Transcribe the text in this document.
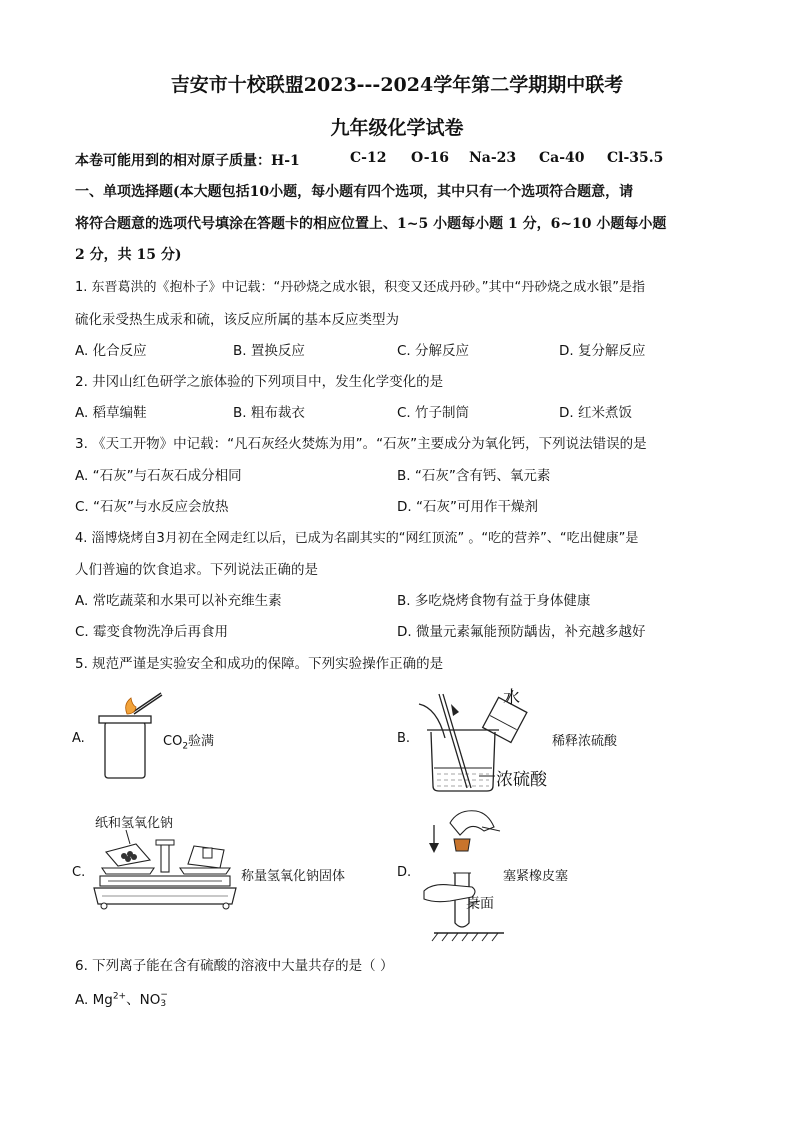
吉安市十校联盟2023---2024学年第二学期期中联考
九年级化学试卷
本卷可能用到的相对原子质量：H-1	C-12 O-16 Na-23 Ca-40 Cl-35.5
一、单项选择题(本大题包括10小题，每小题有四个选项，其中只有一个选项符合题意，请
将符合题意的选项代号填涂在答题卡的相应位置上、1~5 小题每小题 1 分，6~10 小题每小题
2 分，共 15 分)
1. 东晋葛洪的《抱朴子》中记载：“丹砂烧之成水银，积变又还成丹砂。”其中“丹砂烧之成水银”是指
硫化汞受热生成汞和硫，该反应所属的基本反应类型为
A. 化合反应	B. 置换反应	C. 分解反应	D. 复分解反应
2. 井冈山红色研学之旅体验的下列项目中，发生化学变化的是
A. 稻草编鞋	B. 粗布裁衣	C. 竹子制筒	D. 红米煮饭
3. 《天工开物》中记载：“凡石灰经火焚炼为用”。“石灰”主要成分为氧化钙，下列说法错误的是
A. “石灰”与石灰石成分相同	B. “石灰”含有钙、氧元素
C. “石灰”与水反应会放热	D. “石灰”可用作干燥剂
4. 淄博烧烤自3月初在全网走红以后，已成为名副其实的“网红顶流” 。“吃的营养”、“吃出健康”是
人们普遍的饮食追求。下列说法正确的是
A. 常吃蔬菜和水果可以补充维生素	B. 多吃烧烤食物有益于身体健康
C. 霉变食物洗净后再食用	D. 微量元素氟能预防龋齿，补充越多越好
5. 规范严谨是实验安全和成功的保障。下列实验操作正确的是
A.	$CO_2$验满	B.
水
浓硫酸
稀释浓硫酸
C.
纸和氢氧化钠
称量氢氧化钠固体	D.
桌面
塞紧橡皮塞
6. 下列离子能在含有硫酸的溶液中大量共存的是（ ）
A. $Mg^{2+}$、NO −
3
